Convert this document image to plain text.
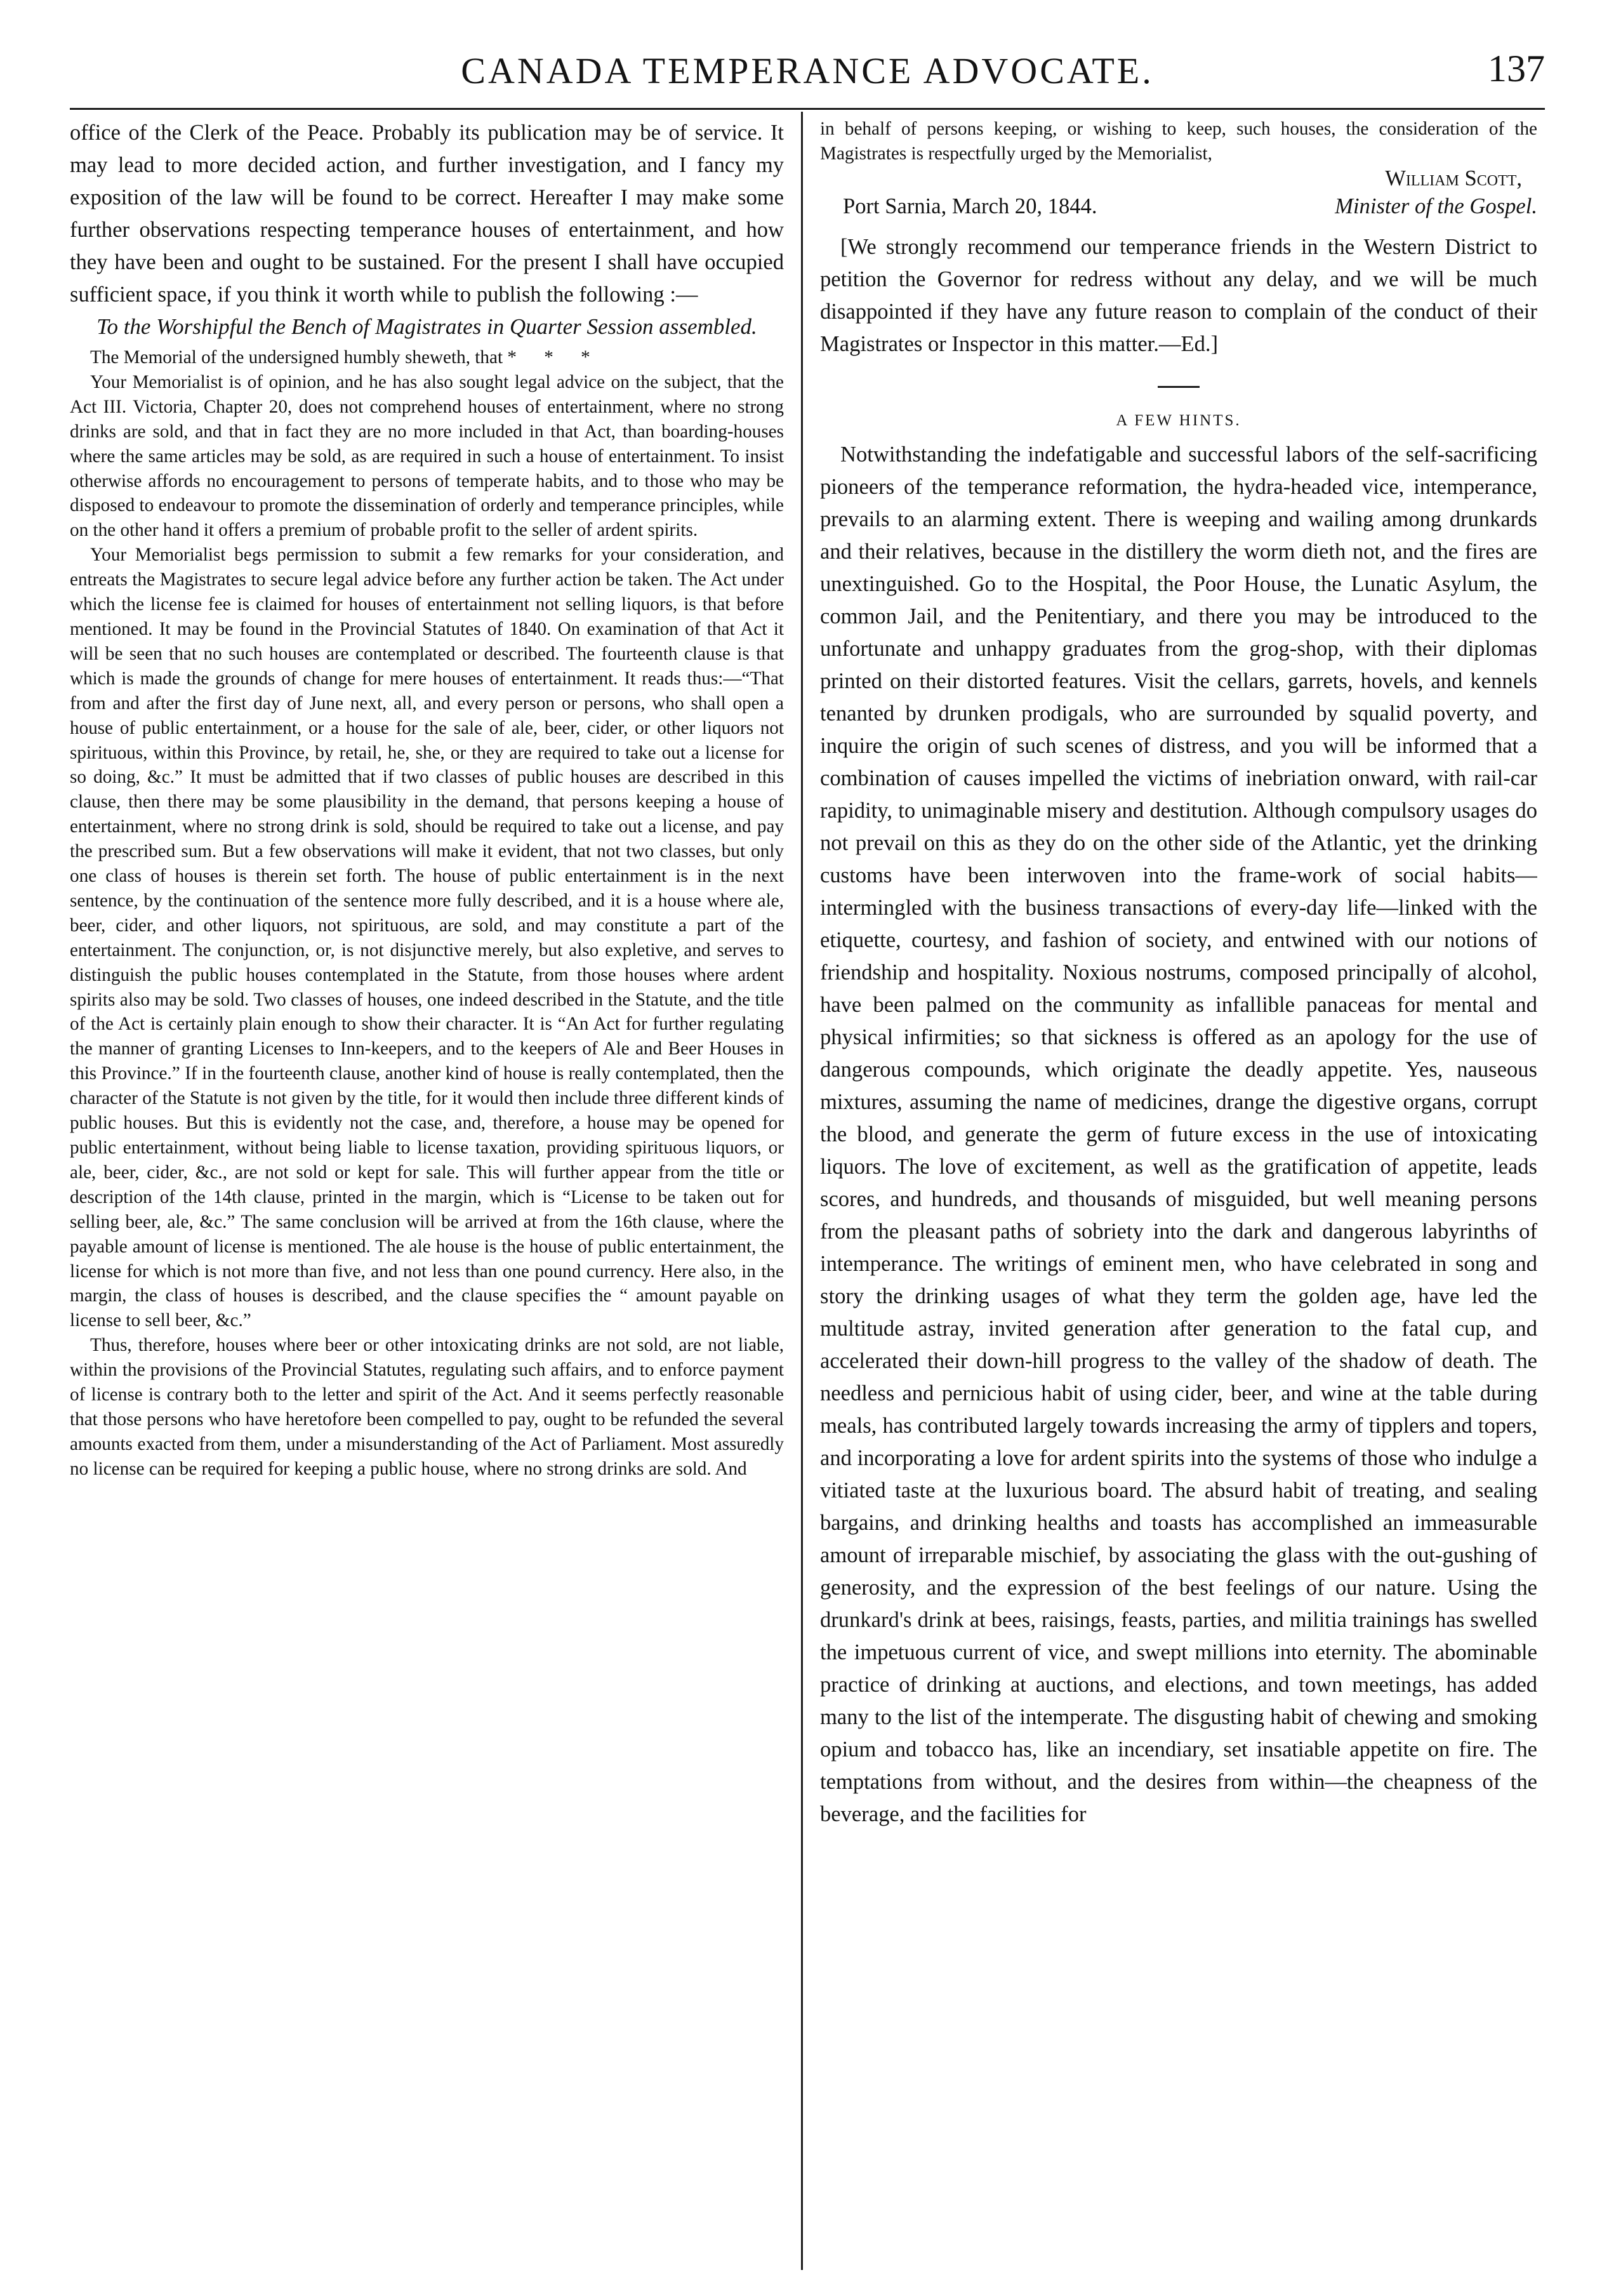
CANADA TEMPERANCE ADVOCATE.	137

office of the Clerk of the Peace. Probably its publication may be of service. It may lead to more decided action, and further investigation, and I fancy my exposition of the law will be found to be correct. Hereafter I may make some further observations respecting temperance houses of entertainment, and how they have been and ought to be sustained. For the present I shall have occupied sufficient space, if you think it worth while to publish the following :—

To the Worshipful the Bench of Magistrates in Quarter Session assembled.

The Memorial of the undersigned humbly sheweth, that * * *

Your Memorialist is of opinion, and he has also sought legal advice on the subject, that the Act III. Victoria, Chapter 20, does not comprehend houses of entertainment, where no strong drinks are sold, and that in fact they are no more included in that Act, than boarding-houses where the same articles may be sold, as are required in such a house of entertainment. To insist otherwise affords no encouragement to persons of temperate habits, and to those who may be disposed to endeavour to promote the dissemination of orderly and temperance principles, while on the other hand it offers a premium of probable profit to the seller of ardent spirits.

Your Memorialist begs permission to submit a few remarks for your consideration, and entreats the Magistrates to secure legal advice before any further action be taken. The Act under which the license fee is claimed for houses of entertainment not selling liquors, is that before mentioned. It may be found in the Provincial Statutes of 1840. On examination of that Act it will be seen that no such houses are contemplated or described. The fourteenth clause is that which is made the grounds of change for mere houses of entertainment. It reads thus:—“That from and after the first day of June next, all, and every person or persons, who shall open a house of public entertainment, or a house for the sale of ale, beer, cider, or other liquors not spirituous, within this Province, by retail, he, she, or they are required to take out a license for so doing, &c.” It must be admitted that if two classes of public houses are described in this clause, then there may be some plausibility in the demand, that persons keeping a house of entertainment, where no strong drink is sold, should be required to take out a license, and pay the prescribed sum. But a few observations will make it evident, that not two classes, but only one class of houses is therein set forth. The house of public entertainment is in the next sentence, by the continuation of the sentence more fully described, and it is a house where ale, beer, cider, and other liquors, not spirituous, are sold, and may constitute a part of the entertainment. The conjunction, or, is not disjunctive merely, but also expletive, and serves to distinguish the public houses contemplated in the Statute, from those houses where ardent spirits also may be sold. Two classes of houses, one indeed described in the Statute, and the title of the Act is certainly plain enough to show their character. It is “An Act for further regulating the manner of granting Licenses to Inn-keepers, and to the keepers of Ale and Beer Houses in this Province.” If in the fourteenth clause, another kind of house is really contemplated, then the character of the Statute is not given by the title, for it would then include three different kinds of public houses. But this is evidently not the case, and, therefore, a house may be opened for public entertainment, without being liable to license taxation, providing spirituous liquors, or ale, beer, cider, &c., are not sold or kept for sale. This will further appear from the title or description of the 14th clause, printed in the margin, which is “License to be taken out for selling beer, ale, &c.” The same conclusion will be arrived at from the 16th clause, where the payable amount of license is mentioned. The ale house is the house of public entertainment, the license for which is not more than five, and not less than one pound currency. Here also, in the margin, the class of houses is described, and the clause specifies the “ amount payable on license to sell beer, &c.”

Thus, therefore, houses where beer or other intoxicating drinks are not sold, are not liable, within the provisions of the Provincial Statutes, regulating such affairs, and to enforce payment of license is contrary both to the letter and spirit of the Act. And it seems perfectly reasonable that those persons who have heretofore been compelled to pay, ought to be refunded the several amounts exacted from them, under a misunderstanding of the Act of Parliament. Most assuredly no license can be required for keeping a public house, where no strong drinks are sold. And

in behalf of persons keeping, or wishing to keep, such houses, the consideration of the Magistrates is respectfully urged by the Memorialist,

William Scott,
Port Sarnia, March 20, 1844.	Minister of the Gospel.

[We strongly recommend our temperance friends in the Western District to petition the Governor for redress without any delay, and we will be much disappointed if they have any future reason to complain of the conduct of their Magistrates or Inspector in this matter.—Ed.]

A FEW HINTS.

Notwithstanding the indefatigable and successful labors of the self-sacrificing pioneers of the temperance reformation, the hydra-headed vice, intemperance, prevails to an alarming extent. There is weeping and wailing among drunkards and their relatives, because in the distillery the worm dieth not, and the fires are unextinguished. Go to the Hospital, the Poor House, the Lunatic Asylum, the common Jail, and the Penitentiary, and there you may be introduced to the unfortunate and unhappy graduates from the grog-shop, with their diplomas printed on their distorted features. Visit the cellars, garrets, hovels, and kennels tenanted by drunken prodigals, who are surrounded by squalid poverty, and inquire the origin of such scenes of distress, and you will be informed that a combination of causes impelled the victims of inebriation onward, with rail-car rapidity, to unimaginable misery and destitution. Although compulsory usages do not prevail on this as they do on the other side of the Atlantic, yet the drinking customs have been interwoven into the frame-work of social habits—intermingled with the business transactions of every-day life—linked with the etiquette, courtesy, and fashion of society, and entwined with our notions of friendship and hospitality. Noxious nostrums, composed principally of alcohol, have been palmed on the community as infallible panaceas for mental and physical infirmities; so that sickness is offered as an apology for the use of dangerous compounds, which originate the deadly appetite. Yes, nauseous mixtures, assuming the name of medicines, drange the digestive organs, corrupt the blood, and generate the germ of future excess in the use of intoxicating liquors. The love of excitement, as well as the gratification of appetite, leads scores, and hundreds, and thousands of misguided, but well meaning persons from the pleasant paths of sobriety into the dark and dangerous labyrinths of intemperance. The writings of eminent men, who have celebrated in song and story the drinking usages of what they term the golden age, have led the multitude astray, invited generation after generation to the fatal cup, and accelerated their down-hill progress to the valley of the shadow of death. The needless and pernicious habit of using cider, beer, and wine at the table during meals, has contributed largely towards increasing the army of tipplers and topers, and incorporating a love for ardent spirits into the systems of those who indulge a vitiated taste at the luxurious board. The absurd habit of treating, and sealing bargains, and drinking healths and toasts has accomplished an immeasurable amount of irreparable mischief, by associating the glass with the out-gushing of generosity, and the expression of the best feelings of our nature. Using the drunkard's drink at bees, raisings, feasts, parties, and militia trainings has swelled the impetuous current of vice, and swept millions into eternity. The abominable practice of drinking at auctions, and elections, and town meetings, has added many to the list of the intemperate. The disgusting habit of chewing and smoking opium and tobacco has, like an incendiary, set insatiable appetite on fire. The temptations from without, and the desires from within—the cheapness of the beverage, and the facilities for
